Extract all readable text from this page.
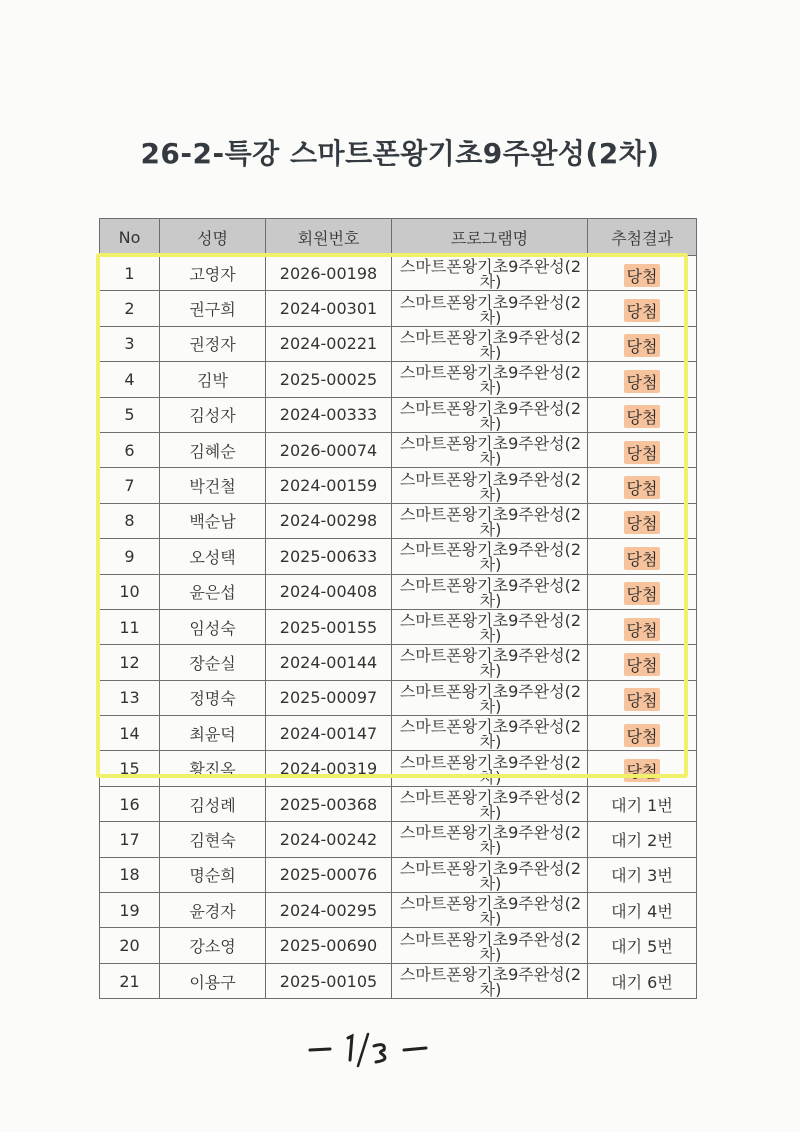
26-2-특강 스마트폰왕기초9주완성(2차)
No	성명	회원번호	프로그램명	추첨결과
1	고영자	2026-00198	스마트폰왕기초9주완성(2차)	당첨
2	권구희	2024-00301	스마트폰왕기초9주완성(2차)	당첨
3	권정자	2024-00221	스마트폰왕기초9주완성(2차)	당첨
4	김박	2025-00025	스마트폰왕기초9주완성(2차)	당첨
5	김성자	2024-00333	스마트폰왕기초9주완성(2차)	당첨
6	김혜순	2026-00074	스마트폰왕기초9주완성(2차)	당첨
7	박건철	2024-00159	스마트폰왕기초9주완성(2차)	당첨
8	백순남	2024-00298	스마트폰왕기초9주완성(2차)	당첨
9	오성택	2025-00633	스마트폰왕기초9주완성(2차)	당첨
10	윤은섭	2024-00408	스마트폰왕기초9주완성(2차)	당첨
11	임성숙	2025-00155	스마트폰왕기초9주완성(2차)	당첨
12	장순실	2024-00144	스마트폰왕기초9주완성(2차)	당첨
13	정명숙	2025-00097	스마트폰왕기초9주완성(2차)	당첨
14	최윤덕	2024-00147	스마트폰왕기초9주완성(2차)	당첨
15	황진옥	2024-00319	스마트폰왕기초9주완성(2차)	당첨
16	김성례	2025-00368	스마트폰왕기초9주완성(2차)	대기 1번
17	김현숙	2024-00242	스마트폰왕기초9주완성(2차)	대기 2번
18	명순희	2025-00076	스마트폰왕기초9주완성(2차)	대기 3번
19	윤경자	2024-00295	스마트폰왕기초9주완성(2차)	대기 4번
20	강소영	2025-00690	스마트폰왕기초9주완성(2차)	대기 5번
21	이용구	2025-00105	스마트폰왕기초9주완성(2차)	대기 6번
